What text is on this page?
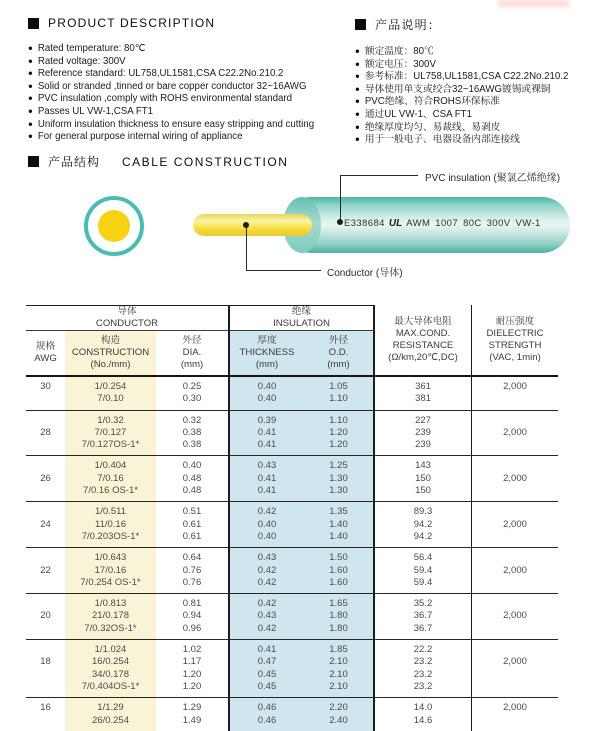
PRODUCT DESCRIPTION
● Rated temperature: 80℃
● Rated voltage: 300V
● Reference standard: UL758,UL1581,CSA C22.2No.210.2
● Solid or stranded ,tinned or bare copper conductor 32~16AWG
● PVC insulation ,comply with ROHS environmental standard
● Passes UL VW-1,CSA FT1
● Uniform insulation thickness to ensure easy stripping and cutting
● For general purpose internal wiring of appliance
产品说明：
● 额定温度：80℃
● 额定电压：300V
● 参考标准：UL758,UL1581,CSA C22.2No.210.2
● 导体使用单支或绞合32~16AWG镀锡或裸铜
● PVC绝缘、符合ROHS环保标准
● 通过UL VW-1、CSA FT1
● 绝缘厚度均匀、易裁线、易剥皮
● 用于一般电子、电器设备内部连接线
产品结构 CABLE CONSTRUCTION
E338684 UL AWM 1007 80C 300V VW-1
PVC insulation (聚氯乙烯绝缘)
Conductor (导体)
导体
CONDUCTOR
绝缘
INSULATION
规格
AWG
构造
CONSTRUCTION
(No./mm)
外径
DIA.
(mm)
厚度
THICKNESS
(mm)
外径
O.D.
(mm)
最大导体电阻
MAX.COND.
RESISTANCE
(Ω/km,20℃,DC)
耐压强度
DIELECTRIC
STRENGTH
(VAC, 1min)
30
	1/0.254
7/0.10
0.25
0.30
0.40
0.40
1.05
1.10
361
381
2,000

28

1/0.32
7/0.127
7/0.127OS-1*
0.32
0.38
0.38
0.39
0.41
0.41
1.10
1.20
1.20
227
239
239

2,000

26

1/0.404
7/0.16
7/0.16 OS-1*
0.40
0.48
0.48
0.43
0.41
0.41
1.25
1.30
1.30
143
150
150

2,000

24

1/0.511
11/0.16
7/0.203OS-1*
0.51
0.61
0.61
0.42
0.40
0.40
1.35
1.40
1.40
89.3
94.2
94.2

2,000

22

1/0.643
17/0.16
7/0.254 OS-1*
0.64
0.76
0.76
0.43
0.42
0.42
1.50
1.60
1.60
56.4
59.4
59.4

2,000

20

1/0.813
21/0.178
7/0.32OS-1*
0.81
0.94
0.96
0.42
0.43
0.42
1.65
1.80
1.80
35.2
36.7
36.7

2,000

18

1/1.024
16/0.254
34/0.178
7/0.404OS-1*
1.02
1.17
1.20
1.20
0.41
0.47
0.45
0.45
1.85
2.10
2.10
2.10
22.2
23.2
23.2
23.2

2,000

16
	1/1.29
26/0.254
1.29
1.49
0.46
0.46
2.20
2.40
14.0
14.6
2,000
